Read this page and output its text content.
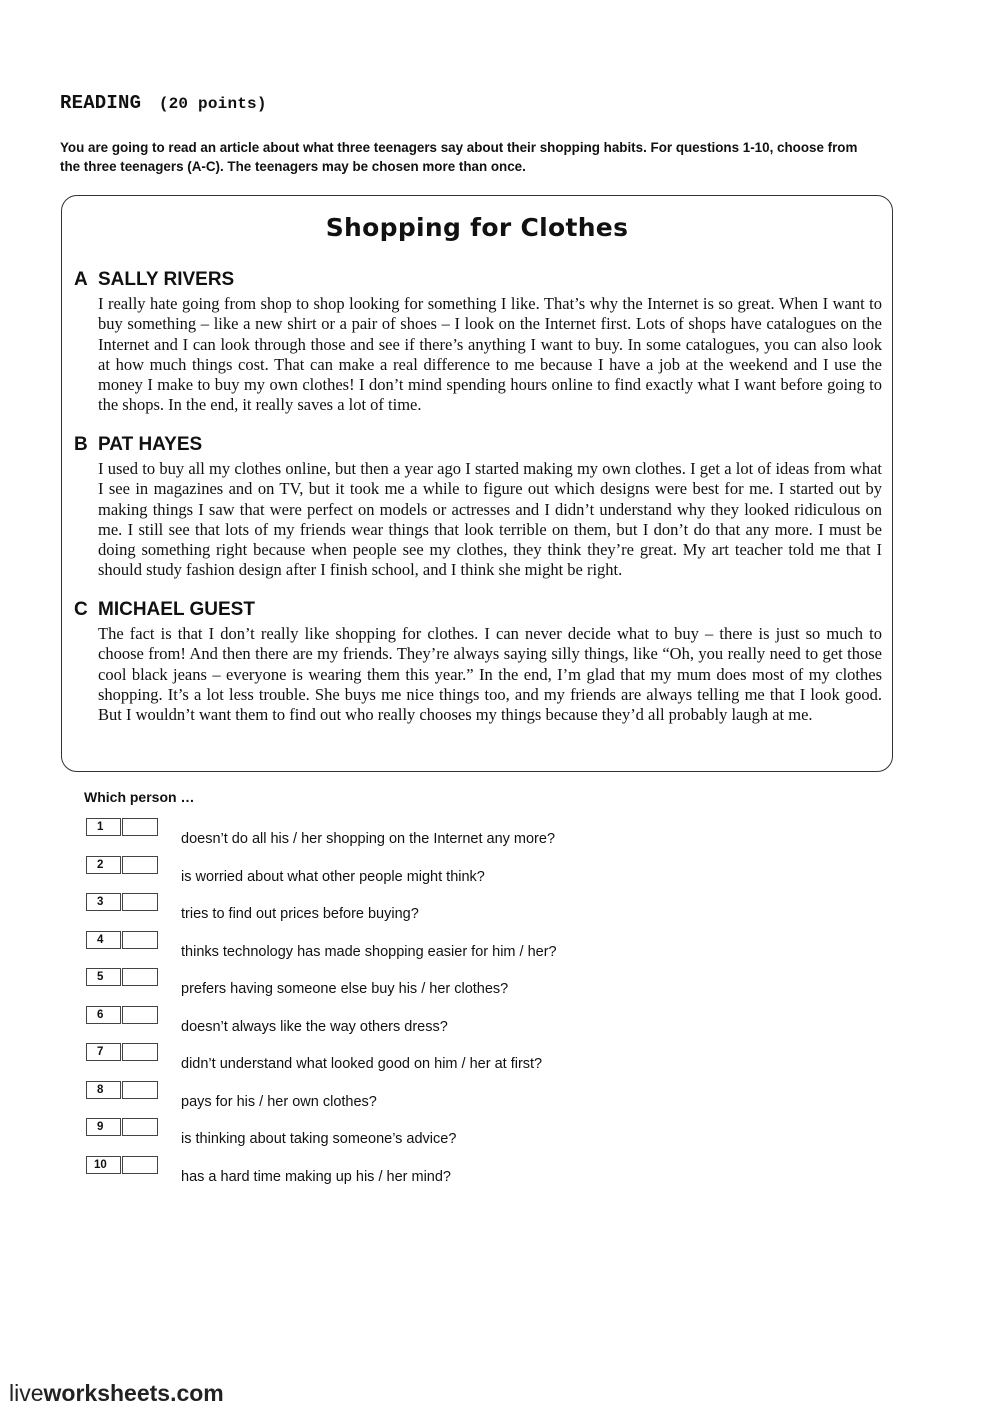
READING (20 points)
You are going to read an article about what three teenagers say about their shopping habits. For questions 1-10, choose from the three teenagers (A-C). The teenagers may be chosen more than once.
Shopping for Clothes
A SALLY RIVERS
I really hate going from shop to shop looking for something I like. That’s why the Internet is so great. When I want to buy something – like a new shirt or a pair of shoes – I look on the Internet first. Lots of shops have catalogues on the Internet and I can look through those and see if there’s anything I want to buy. In some catalogues, you can also look at how much things cost. That can make a real difference to me because I have a job at the weekend and I use the money I make to buy my own clothes! I don’t mind spending hours online to find exactly what I want before going to the shops. In the end, it really saves a lot of time.
B PAT HAYES
I used to buy all my clothes online, but then a year ago I started making my own clothes. I get a lot of ideas from what I see in magazines and on TV, but it took me a while to figure out which designs were best for me. I started out by making things I saw that were perfect on models or actresses and I didn’t understand why they looked ridiculous on me. I still see that lots of my friends wear things that look terrible on them, but I don’t do that any more. I must be doing something right because when people see my clothes, they think they’re great. My art teacher told me that I should study fashion design after I finish school, and I think she might be right.
C MICHAEL GUEST
The fact is that I don’t really like shopping for clothes. I can never decide what to buy – there is just so much to choose from! And then there are my friends. They’re always saying silly things, like “Oh, you really need to get those cool black jeans – everyone is wearing them this year.” In the end, I’m glad that my mum does most of my clothes shopping. It’s a lot less trouble. She buys me nice things too, and my friends are always telling me that I look good. But I wouldn’t want them to find out who really chooses my things because they’d all probably laugh at me.
Which person …
1
doesn’t do all his / her shopping on the Internet any more?
2
is worried about what other people might think?
3
tries to find out prices before buying?
4
thinks technology has made shopping easier for him / her?
5
prefers having someone else buy his / her clothes?
6
doesn’t always like the way others dress?
7
didn’t understand what looked good on him / her at first?
8
pays for his / her own clothes?
9
is thinking about taking someone’s advice?
10
has a hard time making up his / her mind?
liveworksheets.com
